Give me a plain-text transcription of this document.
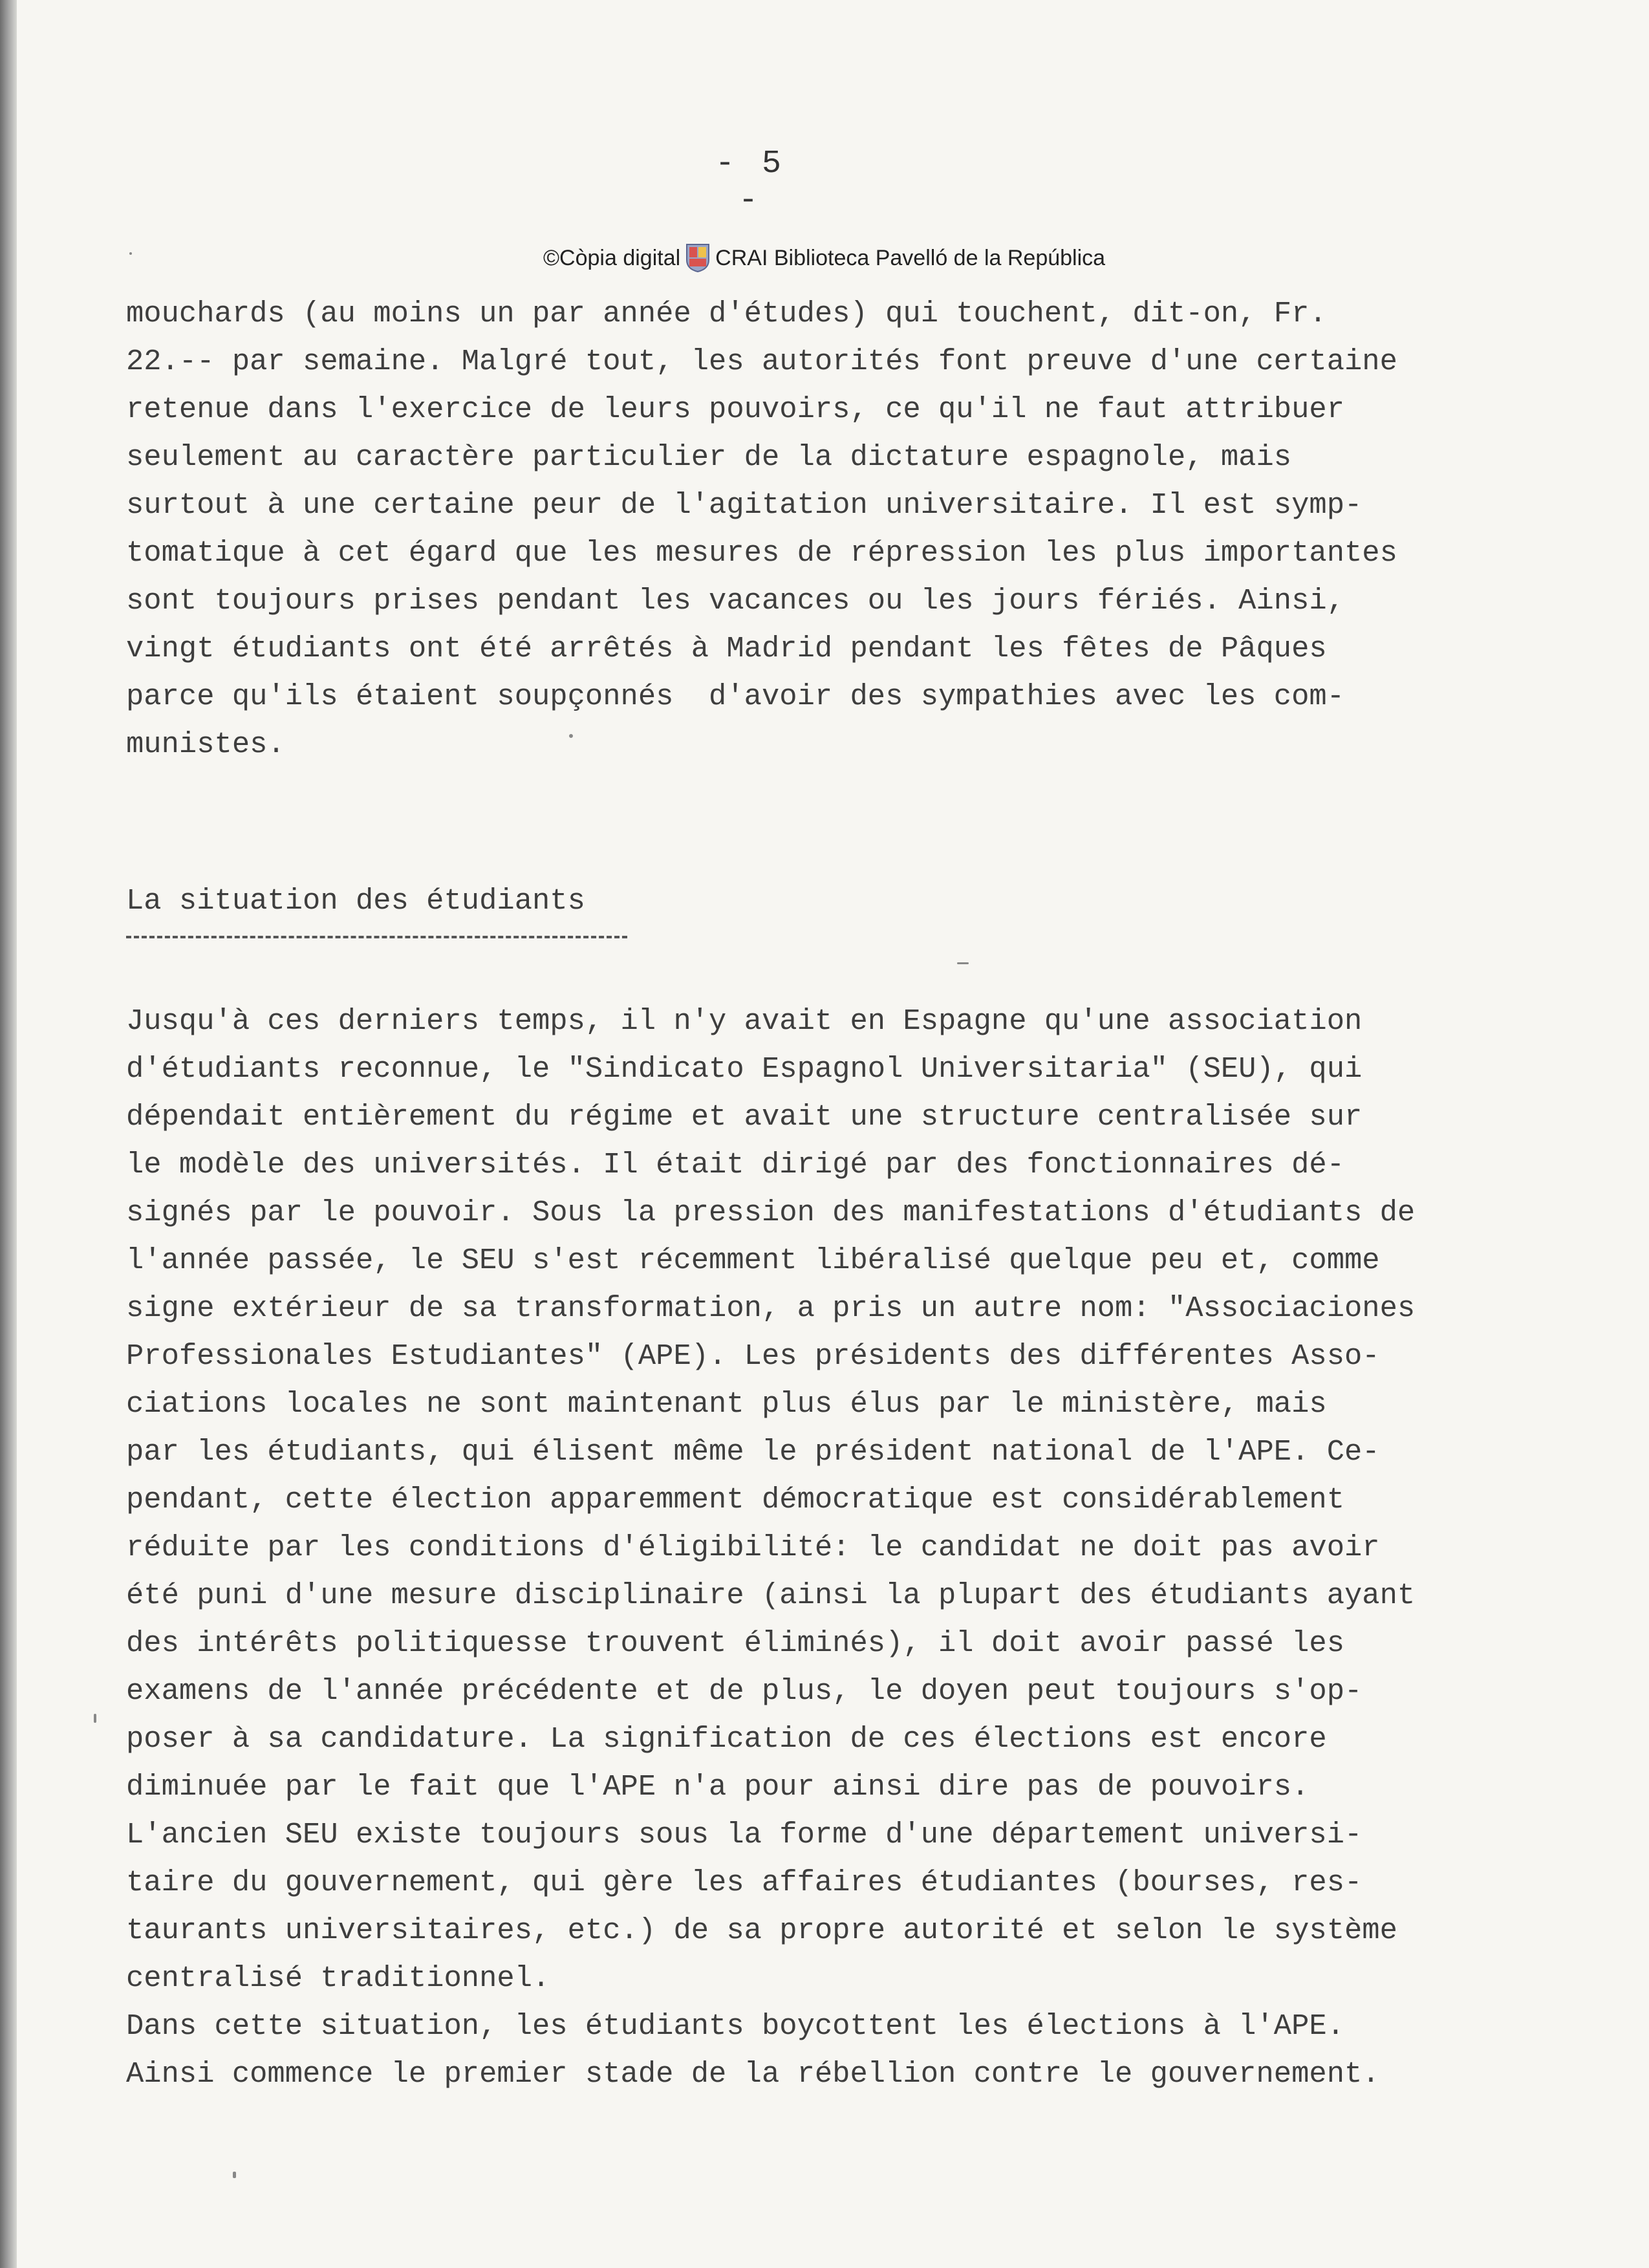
- 5 -
©Còpia digital CRAI Biblioteca Pavelló de la República
mouchards (au moins un par année d'études) qui touchent, dit-on, Fr.
22.-- par semaine. Malgré tout, les autorités font preuve d'une certaine
retenue dans l'exercice de leurs pouvoirs, ce qu'il ne faut attribuer
seulement au caractère particulier de la dictature espagnole, mais
surtout à une certaine peur de l'agitation universitaire. Il est symp-
tomatique à cet égard que les mesures de répression les plus importantes
sont toujours prises pendant les vacances ou les jours fériés. Ainsi,
vingt étudiants ont été arrêtés à Madrid pendant les fêtes de Pâques
parce qu'ils étaient soupçonnés  d'avoir des sympathies avec les com-
munistes.
La situation des étudiants
Jusqu'à ces derniers temps, il n'y avait en Espagne qu'une association
d'étudiants reconnue, le "Sindicato Espagnol Universitaria" (SEU), qui
dépendait entièrement du régime et avait une structure centralisée sur
le modèle des universités. Il était dirigé par des fonctionnaires dé-
signés par le pouvoir. Sous la pression des manifestations d'étudiants de
l'année passée, le SEU s'est récemment libéralisé quelque peu et, comme
signe extérieur de sa transformation, a pris un autre nom: "Associaciones
Professionales Estudiantes" (APE). Les présidents des différentes Asso-
ciations locales ne sont maintenant plus élus par le ministère, mais
par les étudiants, qui élisent même le président national de l'APE. Ce-
pendant, cette élection apparemment démocratique est considérablement
réduite par les conditions d'éligibilité: le candidat ne doit pas avoir
été puni d'une mesure disciplinaire (ainsi la plupart des étudiants ayant
des intérêts politiquesse trouvent éliminés), il doit avoir passé les
examens de l'année précédente et de plus, le doyen peut toujours s'op-
poser à sa candidature. La signification de ces élections est encore
diminuée par le fait que l'APE n'a pour ainsi dire pas de pouvoirs.
L'ancien SEU existe toujours sous la forme d'une département universi-
taire du gouvernement, qui gère les affaires étudiantes (bourses, res-
taurants universitaires, etc.) de sa propre autorité et selon le système
centralisé traditionnel.
Dans cette situation, les étudiants boycottent les élections à l'APE.
Ainsi commence le premier stade de la rébellion contre le gouvernement.
